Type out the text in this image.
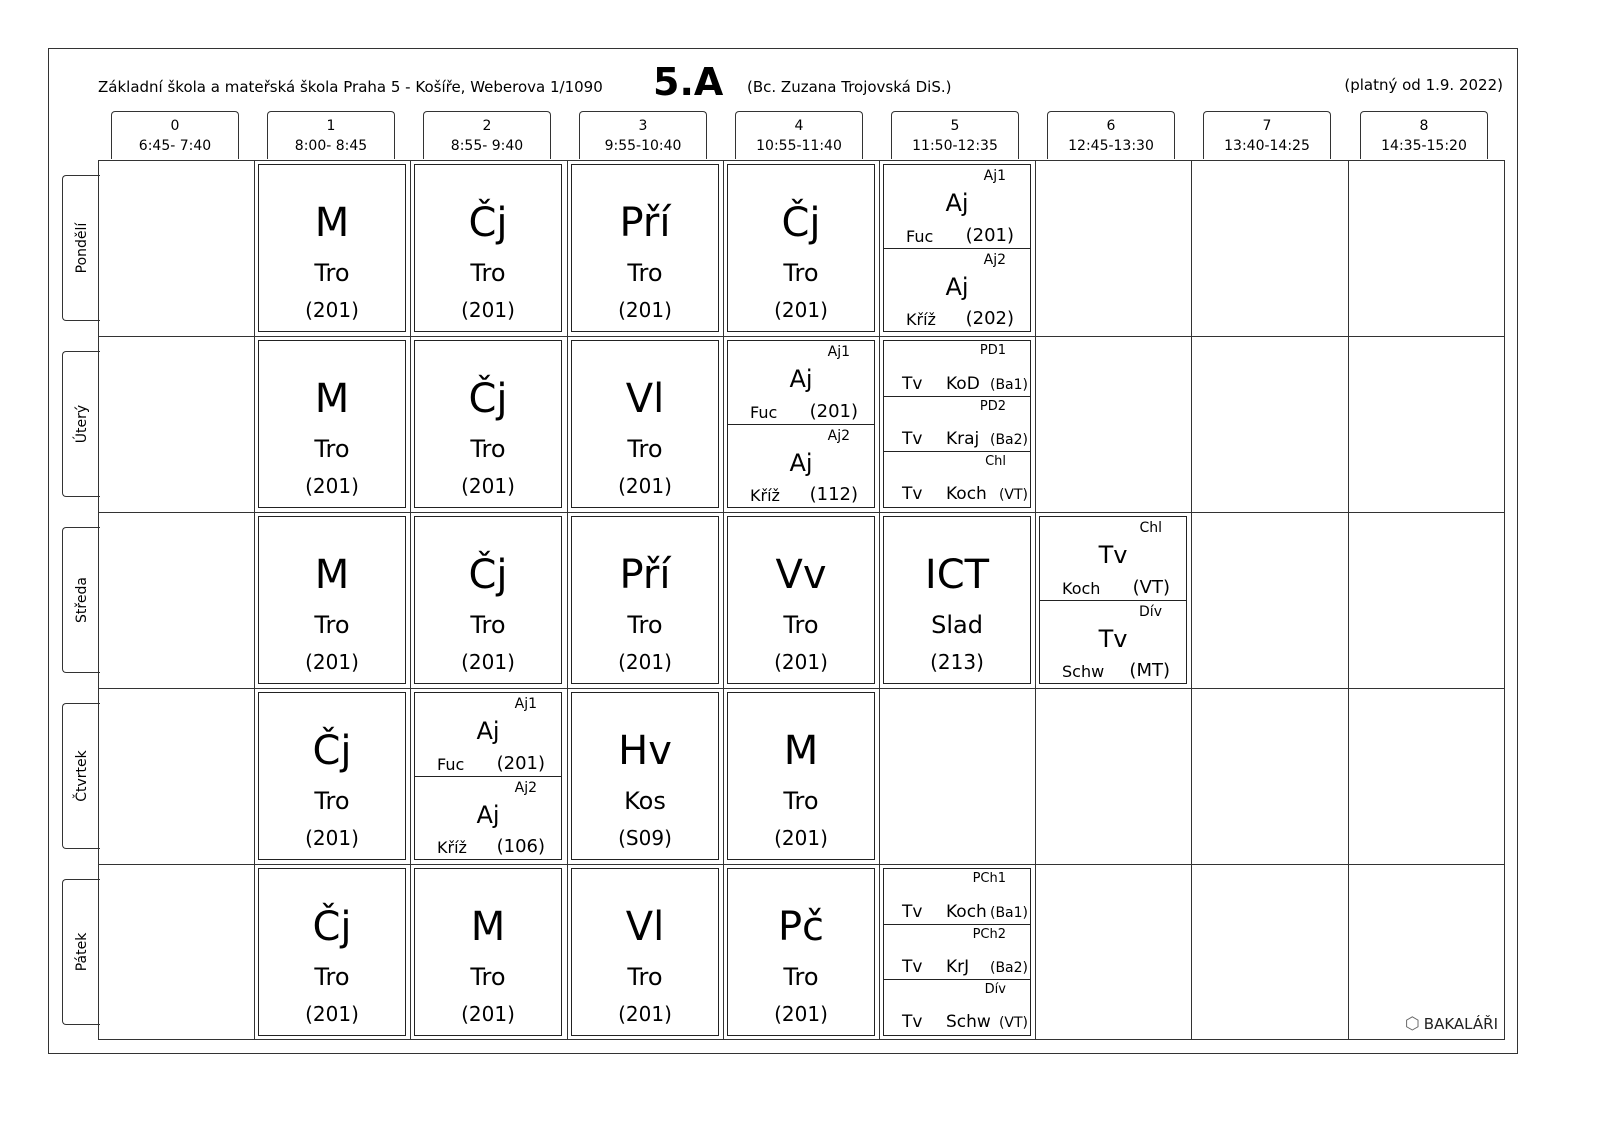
Základní škola a mateřská škola Praha 5 - Košíře, Weberova 1/1090 5.A (Bc. Zuzana Trojovská DiS.)	(platný od 1.9. 2022)
0
6:45- 7:40
1
8:00- 8:45
2
8:55- 9:40
3
9:55-10:40
4
10:55-11:40
5
11:50-12:35
6
12:45-13:30
7
13:40-14:25
8
14:35-15:20
Pondělí
Úterý
Středa
Čtvrtek
Pátek
M
Tro
(201)
Čj
Tro
(201)
Pří
Tro
(201)
Čj
Tro
(201)
Aj1
Aj
Fuc (201)
Aj2
Aj
Kříž (202)
M
Tro
(201)
Čj
Tro
(201)
Vl
Tro
(201)
Aj1
Aj
Fuc (201)
Aj2
Aj
Kříž (112)
PD1
Tv KoD (Ba1)
PD2
Tv Kraj (Ba2)
Chl
Tv Koch (VT)
M
Tro
(201)
Čj
Tro
(201)
Pří
Tro
(201)
Vv
Tro
(201)
ICT
Slad
(213)
Chl
Tv
Koch (VT)
Dív
Tv
Schw (MT)
Čj
Tro
(201)
Aj1
Aj
Fuc (201)
Aj2
Aj
Kříž (106)
Hv
Kos
(S09)
M
Tro
(201)
Čj
Tro
(201)
M
Tro
(201)
Vl
Tro
(201)
Pč
Tro
(201)
PCh1
Tv Koch (Ba1)
PCh2
Tv KrJ (Ba2)
Dív
Tv Schw (VT)	⬡ BAKALÁŘI
